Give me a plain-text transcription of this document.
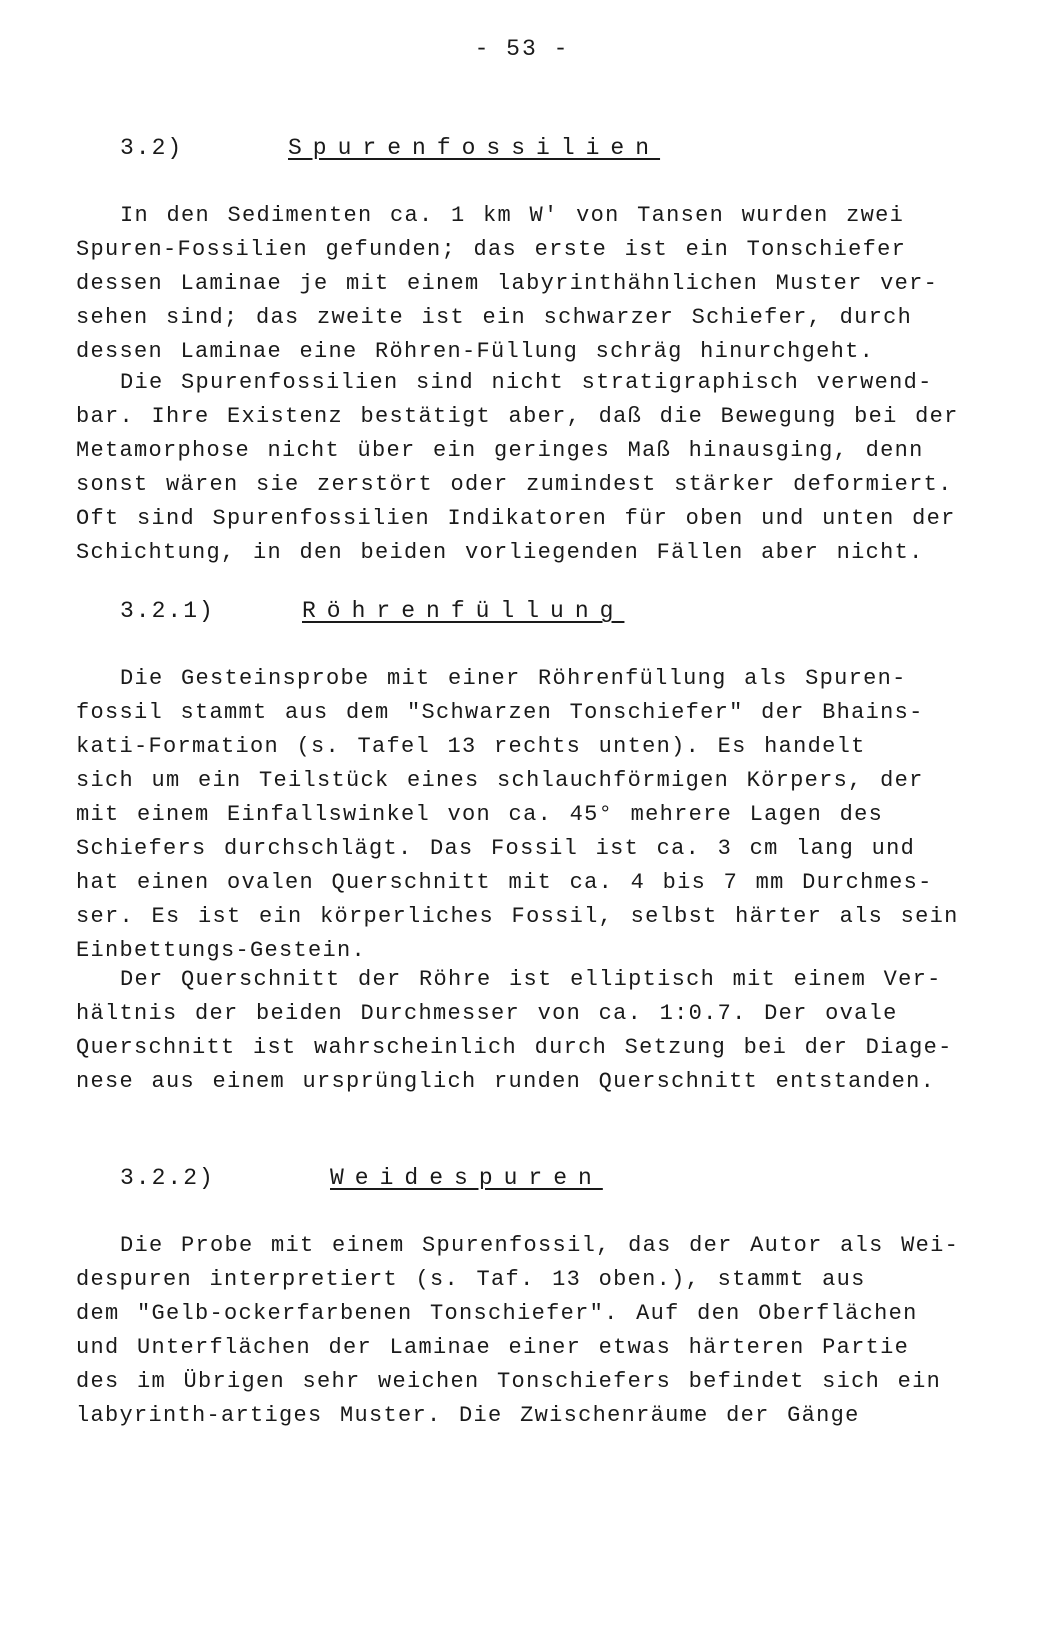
- 53 -
3.2)	Spurenfossilien
In den Sedimenten ca. 1 km W' von Tansen wurden zwei
Spuren-Fossilien gefunden; das erste ist ein Tonschiefer
dessen Laminae je mit einem labyrinthähnlichen Muster ver-
sehen sind; das zweite ist ein schwarzer Schiefer, durch
dessen Laminae eine Röhren-Füllung schräg hinurchgeht.
Die Spurenfossilien sind nicht stratigraphisch verwend-
bar. Ihre Existenz bestätigt aber, daß die Bewegung bei der
Metamorphose nicht über ein geringes Maß hinausging, denn
sonst wären sie zerstört oder zumindest stärker deformiert.
Oft sind Spurenfossilien Indikatoren für oben und unten der
Schichtung, in den beiden vorliegenden Fällen aber nicht.
3.2.1)	Röhrenfüllung
Die Gesteinsprobe mit einer Röhrenfüllung als Spuren-
fossil stammt aus dem "Schwarzen Tonschiefer" der Bhains-
kati-Formation (s. Tafel 13 rechts unten). Es handelt
sich um ein Teilstück eines schlauchförmigen Körpers, der
mit einem Einfallswinkel von ca. 45° mehrere Lagen des
Schiefers durchschlägt. Das Fossil ist ca. 3 cm lang und
hat einen ovalen Querschnitt mit ca. 4 bis 7 mm Durchmes-
ser. Es ist ein körperliches Fossil, selbst härter als sein
Einbettungs-Gestein.
Der Querschnitt der Röhre ist elliptisch mit einem Ver-
hältnis der beiden Durchmesser von ca. 1:0.7. Der ovale
Querschnitt ist wahrscheinlich durch Setzung bei der Diage-
nese aus einem ursprünglich runden Querschnitt entstanden.
3.2.2)	Weidespuren
Die Probe mit einem Spurenfossil, das der Autor als Wei-
despuren interpretiert (s. Taf. 13 oben.), stammt aus
dem "Gelb-ockerfarbenen Tonschiefer". Auf den Oberflächen
und Unterflächen der Laminae einer etwas härteren Partie
des im Übrigen sehr weichen Tonschiefers befindet sich ein
labyrinth-artiges Muster. Die Zwischenräume der Gänge
